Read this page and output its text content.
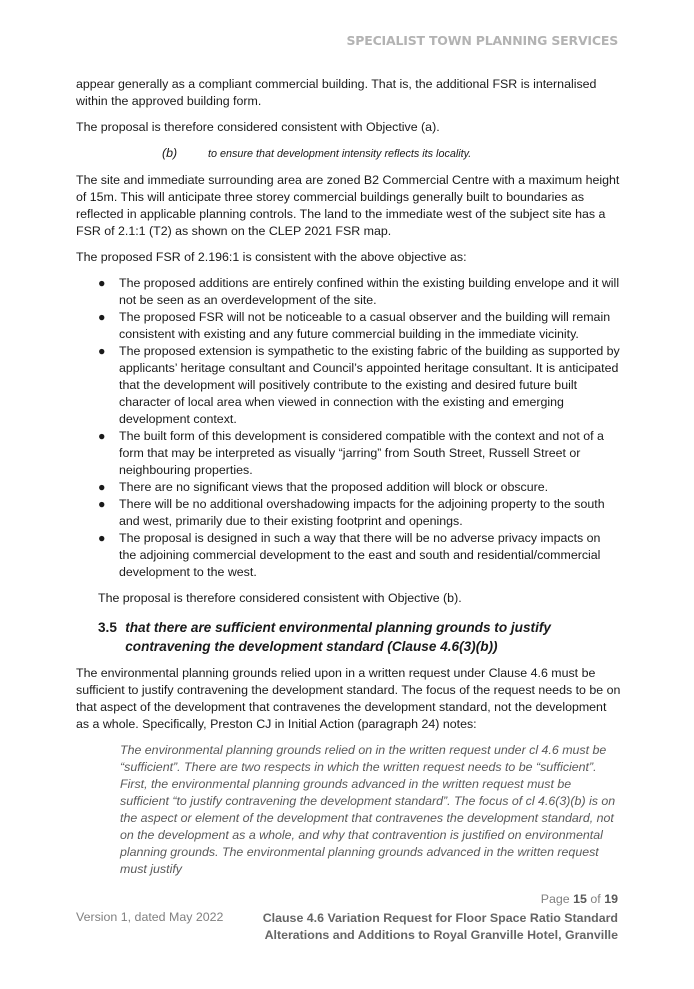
SPECIALIST TOWN PLANNING SERVICES

appear generally as a compliant commercial building. That is, the additional FSR is internalised within the approved building form.

The proposal is therefore considered consistent with Objective (a).

(b)	to ensure that development intensity reflects its locality.

The site and immediate surrounding area are zoned B2 Commercial Centre with a maximum height of 15m. This will anticipate three storey commercial buildings generally built to boundaries as reflected in applicable planning controls. The land to the immediate west of the subject site has a FSR of 2.1:1 (T2) as shown on the CLEP 2021 FSR map.

The proposed FSR of 2.196:1 is consistent with the above objective as:

● The proposed additions are entirely confined within the existing building envelope and it will not be seen as an overdevelopment of the site.
● The proposed FSR will not be noticeable to a casual observer and the building will remain consistent with existing and any future commercial building in the immediate vicinity.
● The proposed extension is sympathetic to the existing fabric of the building as supported by applicants’ heritage consultant and Council’s appointed heritage consultant. It is anticipated that the development will positively contribute to the existing and desired future built character of local area when viewed in connection with the existing and emerging development context.
● The built form of this development is considered compatible with the context and not of a form that may be interpreted as visually “jarring” from South Street, Russell Street or neighbouring properties.
● There are no significant views that the proposed addition will block or obscure.
● There will be no additional overshadowing impacts for the adjoining property to the south and west, primarily due to their existing footprint and openings.
● The proposal is designed in such a way that there will be no adverse privacy impacts on the adjoining commercial development to the east and south and residential/commercial development to the west.

The proposal is therefore considered consistent with Objective (b).

3.5 that there are sufficient environmental planning grounds to justify contravening the development standard (Clause 4.6(3)(b))

The environmental planning grounds relied upon in a written request under Clause 4.6 must be sufficient to justify contravening the development standard. The focus of the request needs to be on that aspect of the development that contravenes the development standard, not the development as a whole. Specifically, Preston CJ in Initial Action (paragraph 24) notes:

The environmental planning grounds relied on in the written request under cl 4.6 must be “sufficient”. There are two respects in which the written request needs to be “sufficient”. First, the environmental planning grounds advanced in the written request must be sufficient “to justify contravening the development standard”. The focus of cl 4.6(3)(b) is on the aspect or element of the development that contravenes the development standard, not on the development as a whole, and why that contravention is justified on environmental planning grounds. The environmental planning grounds advanced in the written request must justify

Page 15 of 19
Version 1, dated May 2022	Clause 4.6 Variation Request for Floor Space Ratio Standard
Alterations and Additions to Royal Granville Hotel, Granville
